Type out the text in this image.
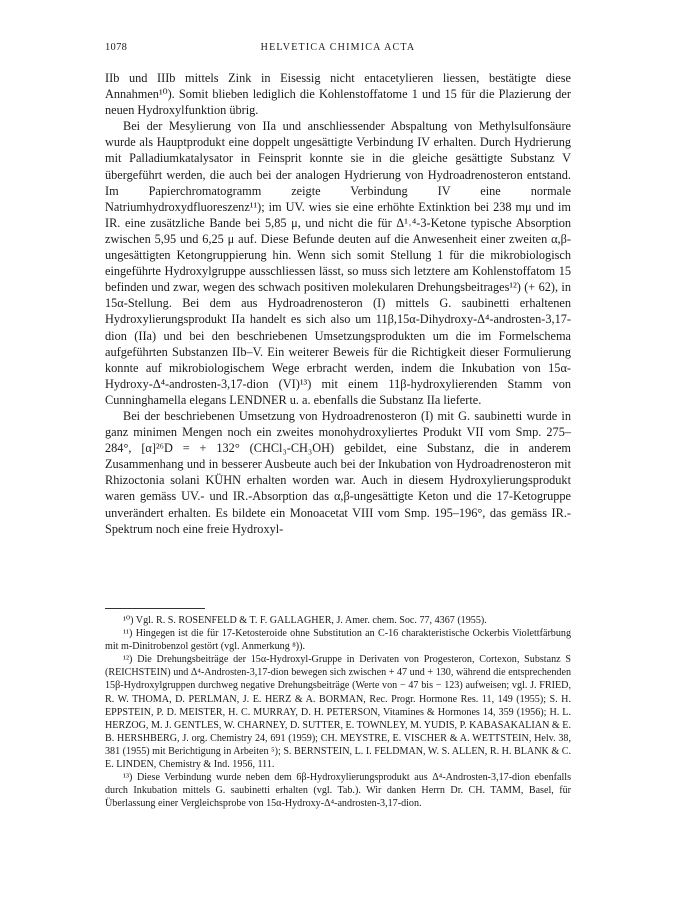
1078	HELVETICA CHIMICA ACTA

IIb und IIIb mittels Zink in Eisessig nicht entacetylieren liessen, bestätigte diese Annahmen¹⁰). Somit blieben lediglich die Kohlenstoffatome 1 und 15 für die Plazierung der neuen Hydroxylfunktion übrig.

Bei der Mesylierung von IIa und anschliessender Abspaltung von Methylsulfonsäure wurde als Hauptprodukt eine doppelt ungesättigte Verbindung IV erhalten. Durch Hydrierung mit Palladiumkatalysator in Feinsprit konnte sie in die gleiche gesättigte Substanz V übergeführt werden, die auch bei der analogen Hydrierung von Hydroadrenosteron entstand. Im Papierchromatogramm zeigte Verbindung IV eine normale Natriumhydroxydfluoreszenz¹¹); im UV. wies sie eine erhöhte Extinktion bei 238 mμ und im IR. eine zusätzliche Bande bei 5,85 μ, und nicht die für Δ¹˒⁴-3-Ketone typische Absorption zwischen 5,95 und 6,25 μ auf. Diese Befunde deuten auf die Anwesenheit einer zweiten α,β-ungesättigten Ketongruppierung hin. Wenn sich somit Stellung 1 für die mikrobiologisch eingeführte Hydroxylgruppe ausschliessen lässt, so muss sich letztere am Kohlenstoffatom 15 befinden und zwar, wegen des schwach positiven molekularen Drehungsbeitrages¹²) (+ 62), in 15α-Stellung. Bei dem aus Hydroadrenosteron (I) mittels G. saubinetti erhaltenen Hydroxylierungsprodukt IIa handelt es sich also um 11β,15α-Dihydroxy-Δ⁴-androsten-3,17-dion (IIa) und bei den beschriebenen Umsetzungsprodukten um die im Formelschema aufgeführten Substanzen IIb–V. Ein weiterer Beweis für die Richtigkeit dieser Formulierung konnte auf mikrobiologischem Wege erbracht werden, indem die Inkubation von 15α-Hydroxy-Δ⁴-androsten-3,17-dion (VI)¹³) mit einem 11β-hydroxylierenden Stamm von Cunninghamella elegans LENDNER u. a. ebenfalls die Substanz IIa lieferte.

Bei der beschriebenen Umsetzung von Hydroadrenosteron (I) mit G. saubinetti wurde in ganz minimen Mengen noch ein zweites monohydroxyliertes Produkt VII vom Smp. 275–284°, [α]²⁶D = + 132° (CHCl₃-CH₃OH) gebildet, eine Substanz, die in anderem Zusammenhang und in besserer Ausbeute auch bei der Inkubation von Hydroadrenosteron mit Rhizoctonia solani KÜHN erhalten worden war. Auch in diesem Hydroxylierungsprodukt waren gemäss UV.- und IR.-Absorption das α,β-ungesättigte Keton und die 17-Ketogruppe unverändert erhalten. Es bildete ein Monoacetat VIII vom Smp. 195–196°, das gemäss IR.-Spektrum noch eine freie Hydroxyl-

¹⁰) Vgl. R. S. ROSENFELD & T. F. GALLAGHER, J. Amer. chem. Soc. 77, 4367 (1955).

¹¹) Hingegen ist die für 17-Ketosteroide ohne Substitution an C-16 charakteristische Ockerbis Violettfärbung mit m-Dinitrobenzol gestört (vgl. Anmerkung ⁸)).

¹²) Die Drehungsbeiträge der 15α-Hydroxyl-Gruppe in Derivaten von Progesteron, Cortexon, Substanz S (REICHSTEIN) und Δ⁴-Androsten-3,17-dion bewegen sich zwischen + 47 und + 130, während die entsprechenden 15β-Hydroxylgruppen durchweg negative Drehungsbeiträge (Werte von − 47 bis − 123) aufweisen; vgl. J. FRIED, R. W. THOMA, D. PERLMAN, J. E. HERZ & A. BORMAN, Rec. Progr. Hormone Res. 11, 149 (1955); S. H. EPPSTEIN, P. D. MEISTER, H. C. MURRAY, D. H. PETERSON, Vitamines & Hormones 14, 359 (1956); H. L. HERZOG, M. J. GENTLES, W. CHARNEY, D. SUTTER, E. TOWNLEY, M. YUDIS, P. KABASAKALIAN & E. B. HERSHBERG, J. org. Chemistry 24, 691 (1959); CH. MEYSTRE, E. VISCHER & A. WETTSTEIN, Helv. 38, 381 (1955) mit Berichtigung in Arbeiten ⁵); S. BERNSTEIN, L. I. FELDMAN, W. S. ALLEN, R. H. BLANK & C. E. LINDEN, Chemistry & Ind. 1956, 111.

¹³) Diese Verbindung wurde neben dem 6β-Hydroxylierungsprodukt aus Δ⁴-Androsten-3,17-dion ebenfalls durch Inkubation mittels G. saubinetti erhalten (vgl. Tab.). Wir danken Herrn Dr. CH. TAMM, Basel, für Überlassung einer Vergleichsprobe von 15α-Hydroxy-Δ⁴-androsten-3,17-dion.
